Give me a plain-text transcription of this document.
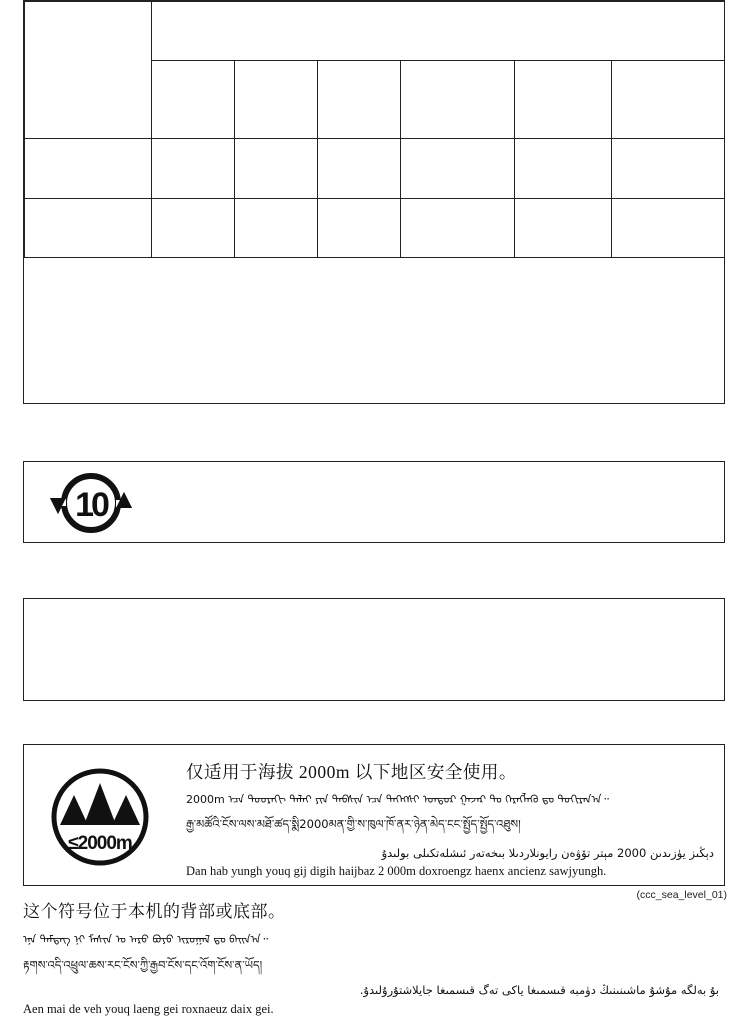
10
≤2000m
仅适用于海拔 2000m 以下地区安全使用。
2000m ᠡᠴᠡ ᠳᠣᠣᠷᠠᠬᠢ ᠳᠠᠯᠠᠢ ᠶᠢᠨ ᠲᠡᠪᠰᠢᠨ ᠡᠴᠡ ᠳᠡᠭᠡᠭᠰᠢ ᠤᠨᠳᠤᠷ ᠭᠠᠵᠠᠷ ᠲᠤ ᠬᠡᠷᠡᠭᠯᠡᠬᠦ ᠳᠤ ᠲᠣᠬᠢᠷᠠᠨ᠎ᠠ᠃
རྒྱ་མཚོའི་ངོས་ལས་མཐོ་ཚད་སྨི2000མན་གྱི་ས་ཁུལ་ཁོ་ནར་ཉེན་མེད་ངང་སྤྱོད་སྤྱོད་འཐུས།
دېڭىز يۈزىدىن 2000 مېتر تۆۋەن رايونلاردىلا بىخەتەر ئىشلەتكىلى بولىدۇ
Dan hab yungh youq gij digih haijbaz 2 000m doxroengz haenx ancienz sawjyungh.
(ccc_sea_level_01)
这个符号位于本机的背部或底部。
ᠡᠨᠡ ᠲᠡᠮᠳᠡᠭ ᠨᠢ ᠮᠠᠰᠢᠨ ᠤ ᠠᠷᠤ ᠪᠤᠶᠤ ᠢᠷᠤᠭᠠᠯ ᠳᠤ ᠪᠠᠢᠨ᠎ᠠ᠃
རྟགས་འདི་འཕྲུལ་ཆས་རང་ངོས་ཀྱི་རྒྱབ་ངོས་དང་འོག་ངོས་ན་ཡོད།
بۇ بەلگە مۇشۇ ماشىنىنىڭ دۈمبە قىسمىغا ياكى تەگ قىسمىغا جايلاشتۇرۇلىدۇ.
Aen mai de veh youq laeng gei roxnaeuz daix gei.
